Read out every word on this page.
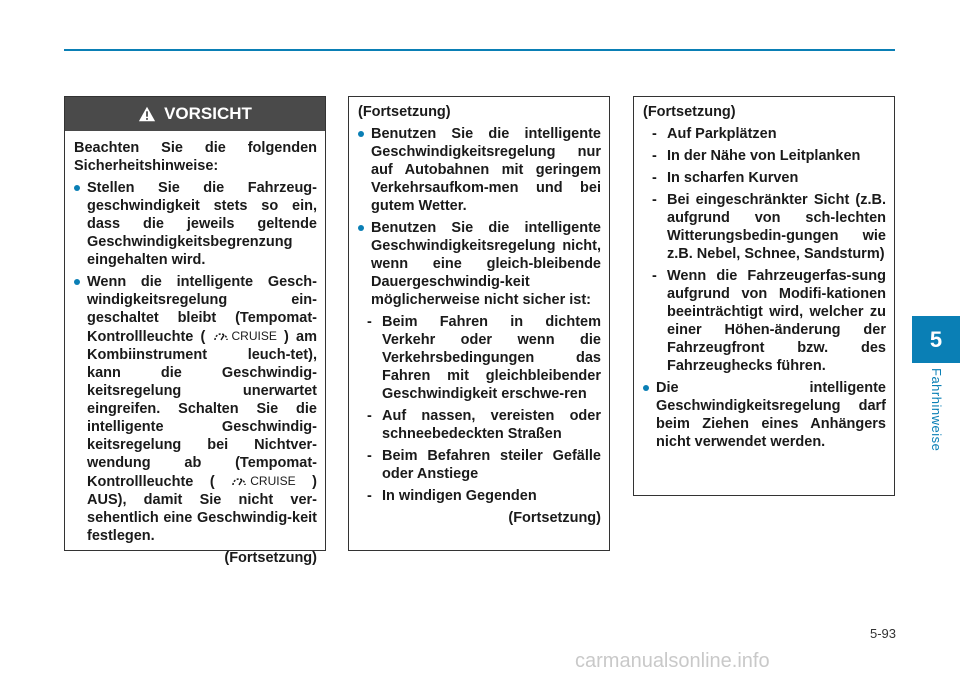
5
Fahrhinweise
VORSICHT

Beachten Sie die folgenden Sicherheitshinweise:

Stellen Sie die Fahrzeug-geschwindigkeit stets so ein, dass die jeweils geltende Geschwindigkeitsbegrenzung eingehalten wird.
Wenn die intelligente Gesch-windigkeitsregelung ein-geschaltet bleibt (Tempomat-Kontrollleuchte ( CRUISE ) am Kombiinstrument leuch-tet), kann die Geschwindig-keitsregelung unerwartet eingreifen. Schalten Sie die intelligente Geschwindig-keitsregelung bei Nichtver-wendung ab (Tempomat-Kontrollleuchte (	CRUISE ) AUS), damit Sie nicht ver-sehentlich eine Geschwindig-keit festlegen.

(Fortsetzung)

(Fortsetzung)

Benutzen Sie die intelligente Geschwindigkeitsregelung nur auf Autobahnen mit geringem Verkehrsaufkom-men und bei gutem Wetter.
Benutzen Sie die intelligente Geschwindigkeitsregelung nicht, wenn eine gleich-bleibende Dauergeschwindig-keit möglicherweise nicht sicher ist:
- Beim Fahren in dichtem Verkehr oder wenn die Verkehrsbedingungen das Fahren mit gleichbleibender Geschwindigkeit erschwe-ren
- Auf nassen, vereisten oder schneebedeckten Straßen
- Beim Befahren steiler Gefälle oder Anstiege
- In windigen Gegenden

(Fortsetzung)

(Fortsetzung)

- Auf Parkplätzen
- In der Nähe von Leitplanken
- In scharfen Kurven
- Bei eingeschränkter Sicht (z.B. aufgrund von sch-lechten Witterungsbedin-gungen wie z.B. Nebel, Schnee, Sandsturm)
- Wenn die Fahrzeugerfas-sung aufgrund von Modifi-kationen beeinträchtigt wird, welcher zu einer Höhen-änderung der Fahrzeugfront bzw. des Fahrzeughecks führen.
Die intelligente Geschwindigkeitsregelung darf beim Ziehen eines Anhängers nicht verwendet werden.
5-93
carmanualsonline.info
